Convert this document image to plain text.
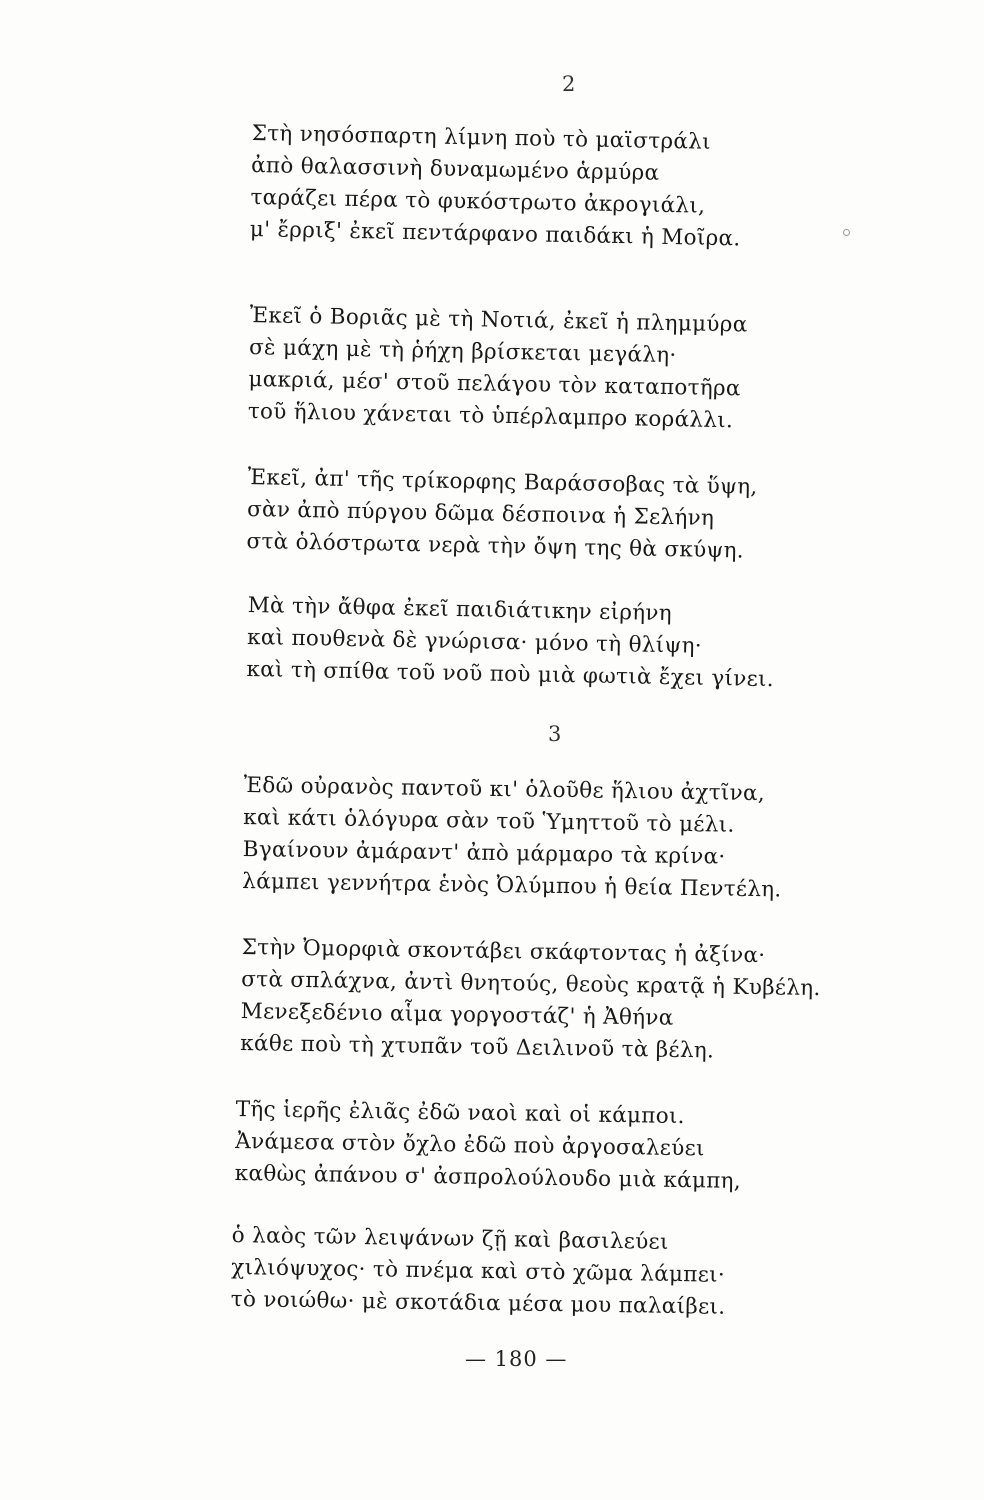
2
Στὴ νησόσπαρτη λίμνη ποὺ τὸ μαϊστράλι
ἀπὸ θαλασσινὴ δυναμωμένο ἁρμύρα
ταράζει πέρα τὸ φυκόστρωτο ἀκρογιάλι,
μ' ἔρριξ' ἐκεῖ πεντάρφανο παιδάκι ἡ Μοῖρα.
Ἐκεῖ ὁ Βοριᾶς μὲ τὴ Νοτιά, ἐκεῖ ἡ πλημμύρα
σὲ μάχη μὲ τὴ ῥήχη βρίσκεται μεγάλη·
μακριά, μέσ' στοῦ πελάγου τὸν καταποτῆρα
τοῦ ἥλιου χάνεται τὸ ὑπέρλαμπρο κοράλλι.
Ἐκεῖ, ἀπ' τῆς τρίκορφης Βαράσσοβας τὰ ὕψη,
σὰν ἀπὸ πύργου δῶμα δέσποινα ἡ Σελήνη
στὰ ὁλόστρωτα νερὰ τὴν ὄψη της θὰ σκύψη.
Μὰ τὴν ἄθφα ἐκεῖ παιδιάτικην εἰρήνη
καὶ πουθενὰ δὲ γνώρισα· μόνο τὴ θλίψη·
καὶ τὴ σπίθα τοῦ νοῦ ποὺ μιὰ φωτιὰ ἔχει γίνει.
3
Ἐδῶ οὐρανὸς παντοῦ κι' ὁλοῦθε ἥλιου ἀχτῖνα,
καὶ κάτι ὁλόγυρα σὰν τοῦ Ὑμηττοῦ τὸ μέλι.
Βγαίνουν ἀμάραντ' ἀπὸ μάρμαρο τὰ κρίνα·
λάμπει γεννήτρα ἑνὸς Ὀλύμπου ἡ θεία Πεντέλη.
Στὴν Ὀμορφιὰ σκοντάβει σκάφτοντας ἡ ἀξίνα·
στὰ σπλάχνα, ἀντὶ θνητούς, θεοὺς κρατᾷ ἡ Κυβέλη.
Μενεξεδένιο αἷμα γοργοστάζ' ἡ Ἀθήνα
κάθε ποὺ τὴ χτυπᾶν τοῦ Δειλινοῦ τὰ βέλη.
Τῆς ἱερῆς ἐλιᾶς ἐδῶ ναοὶ καὶ οἱ κάμποι.
Ἀνάμεσα στὸν ὄχλο ἐδῶ ποὺ ἀργοσαλεύει
καθὼς ἀπάνου σ' ἀσπρολούλουδο μιὰ κάμπη,
ὁ λαὸς τῶν λειψάνων ζῇ καὶ βασιλεύει
χιλιόψυχος· τὸ πνέμα καὶ στὸ χῶμα λάμπει·
τὸ νοιώθω· μὲ σκοτάδια μέσα μου παλαίβει.
— 180 —
